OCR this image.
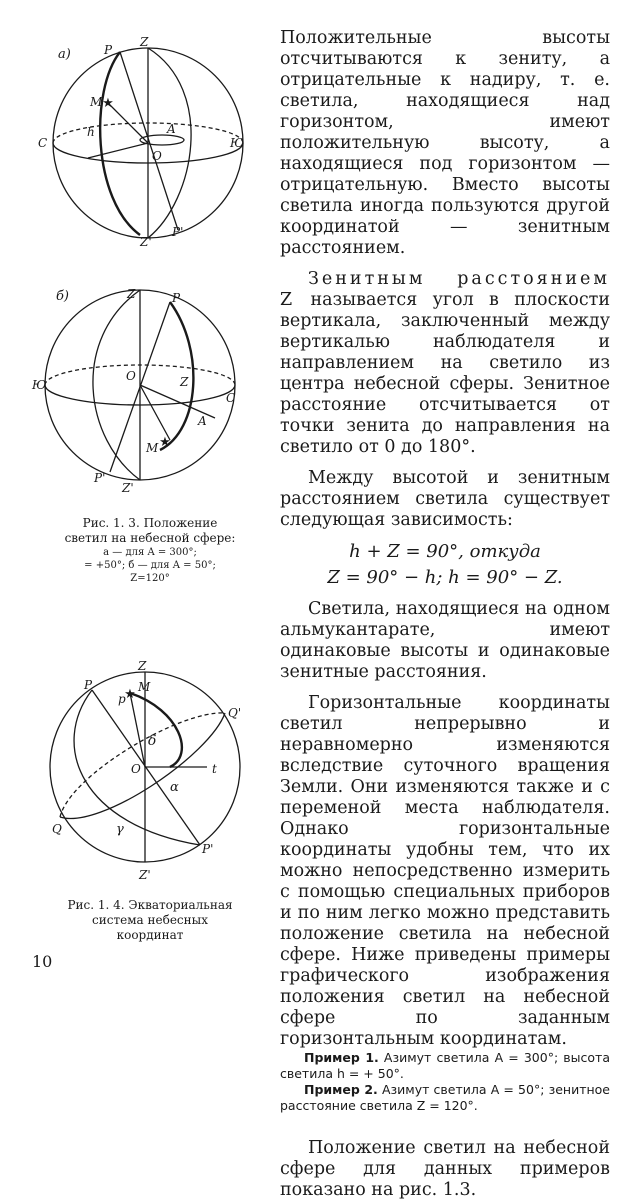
★
а)	P
Z
M
h	A
C
O
Ю
Z'
P'
★
б)	Z	P
Ю
O	Z
C
A
M
P'
Z'
Рис. 1. 3. Положение
светил на небесной сфере:
а — для A = 300°;
= +50°; б — для A = 50°;
Z=120°
★
Z
P	M
p
Q'
δ
O	t
α
Q	γ
P'
Z'
Рис. 1. 4. Экваториальная
система небесных
координат

Положительные высоты отсчитываются к зениту, а отрицательные к надиру, т. е. светила, находящиеся над горизонтом, имеют положительную высоту, а находящиеся под горизонтом — отрицательную. Вместо высоты светила иногда пользуются другой координатой — зенитным расстоянием.

Зенитным расстоянием Z называется угол в плоскости вертикала, заключенный между вертикалью наблюдателя и направлением на светило из центра небесной сферы. Зенитное расстояние отсчитывается от точки зенита до направления на светило от 0 до 180°.

Между высотой и зенитным расстоянием светила существует следующая зависимость:

h + Z = 90°, откуда
Z = 90° − h; h = 90° − Z.

Светила, находящиеся на одном альмукантарате, имеют одинаковые высоты и одинаковые зенитные расстояния.

Горизонтальные координаты светил непрерывно и неравномерно изменяются вследствие суточного вращения Земли. Они изменяются также и с переменой места наблюдателя. Однако горизонтальные координаты удобны тем, что их можно непосредственно измерить с помощью специальных приборов и по ним легко можно представить положение светила на небесной сфере. Ниже приведены примеры графического изображения положения светил на небесной сфере по заданным горизонтальным координатам.

Пример 1. Азимут светила A = 300°; высота светила h = + 50°.

Пример 2. Азимут светила A = 50°; зенитное расстояние светила Z = 120°.

Положение светил на небесной сфере для данных примеров показано на рис. 1.3.

10
